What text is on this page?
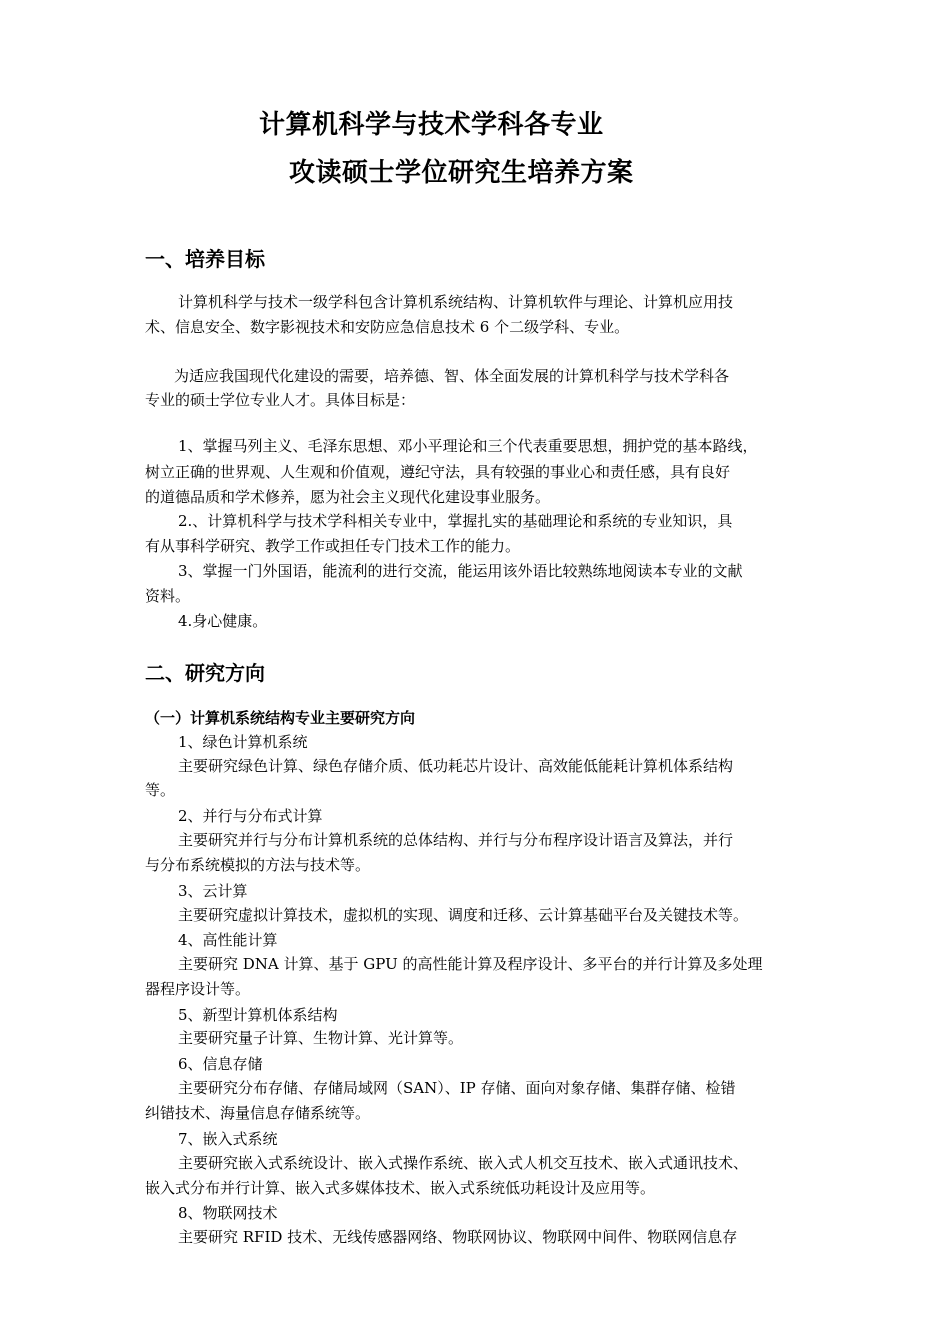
计算机科学与技术学科各专业
攻读硕士学位研究生培养方案
一、培养目标
计算机科学与技术一级学科包含计算机系统结构、计算机软件与理论、计算机应用技
术、信息安全、数字影视技术和安防应急信息技术 6 个二级学科、专业。
为适应我国现代化建设的需要，培养德、智、体全面发展的计算机科学与技术学科各
专业的硕士学位专业人才。具体目标是：
1、掌握马列主义、毛泽东思想、邓小平理论和三个代表重要思想，拥护党的基本路线，
树立正确的世界观、人生观和价值观，遵纪守法，具有较强的事业心和责任感，具有良好
的道德品质和学术修养，愿为社会主义现代化建设事业服务。
2.、计算机科学与技术学科相关专业中，掌握扎实的基础理论和系统的专业知识，具
有从事科学研究、教学工作或担任专门技术工作的能力。
3、掌握一门外国语，能流利的进行交流，能运用该外语比较熟练地阅读本专业的文献
资料。
4.身心健康。
二、研究方向
（一）计算机系统结构专业主要研究方向
1、绿色计算机系统
主要研究绿色计算、绿色存储介质、低功耗芯片设计、高效能低能耗计算机体系结构
等。
2、并行与分布式计算
主要研究并行与分布计算机系统的总体结构、并行与分布程序设计语言及算法，并行
与分布系统模拟的方法与技术等。
3、云计算
主要研究虚拟计算技术，虚拟机的实现、调度和迁移、云计算基础平台及关键技术等。
4、高性能计算
主要研究 DNA 计算、基于 GPU 的高性能计算及程序设计、多平台的并行计算及多处理
器程序设计等。
5、新型计算机体系结构
主要研究量子计算、生物计算、光计算等。
6、信息存储
主要研究分布存储、存储局域网（SAN）、IP 存储、面向对象存储、集群存储、检错
纠错技术、海量信息存储系统等。
7、嵌入式系统
主要研究嵌入式系统设计、嵌入式操作系统、嵌入式人机交互技术、嵌入式通讯技术、
嵌入式分布并行计算、嵌入式多媒体技术、嵌入式系统低功耗设计及应用等。
8、物联网技术
主要研究 RFID 技术、无线传感器网络、物联网协议、物联网中间件、物联网信息存
